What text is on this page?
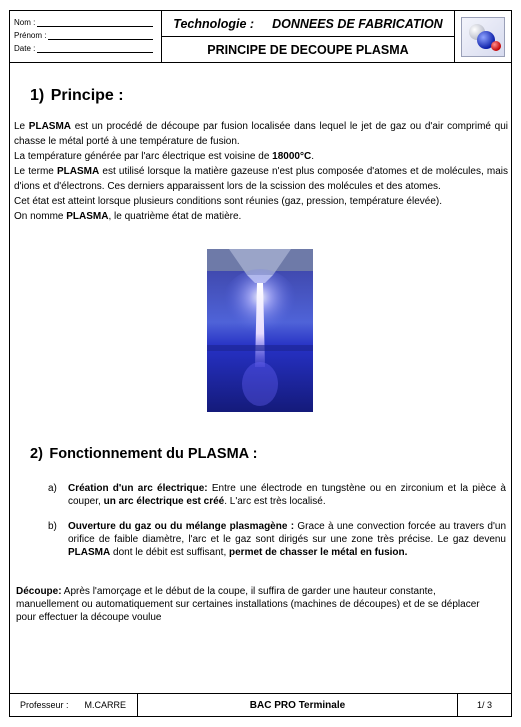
Nom :
Prénom :
Date :
Technologie : DONNEES DE FABRICATION
PRINCIPE DE DECOUPE PLASMA
1) Principe :

Le PLASMA est un procédé de découpe par fusion localisée dans lequel le jet de gaz ou d'air comprimé qui chasse le métal porté à une température de fusion.

La température générée par l'arc électrique est voisine de 18000°C.

Le terme PLASMA est utilisé lorsque la matière gazeuse n'est plus composée d'atomes et de molécules, mais d'ions et d'électrons. Ces derniers apparaissent lors de la scission des molécules et des atomes.

Cet état est atteint lorsque plusieurs conditions sont réunies (gaz, pression, température élevée).

On nomme PLASMA, le quatrième état de matière.

2) Fonctionnement du PLASMA :
a) Création d'un arc électrique: Entre une électrode en tungstène ou en zirconium et la pièce à couper, un arc électrique est créé. L'arc est très localisé.
b) Ouverture du gaz ou du mélange plasmagène : Grace à une convection forcée au travers d'un orifice de faible diamètre, l'arc et le gaz sont dirigés sur une zone très précise. Le gaz devenu PLASMA dont le débit est suffisant, permet de chasser le métal en fusion.
Découpe: Après l'amorçage et le début de la coupe, il suffira de garder une hauteur constante, manuellement ou automatiquement sur certaines installations (machines de découpes) et de se déplacer pour effectuer la découpe voulue
Professeur : M.CARRE	BAC PRO Terminale	1/ 3
